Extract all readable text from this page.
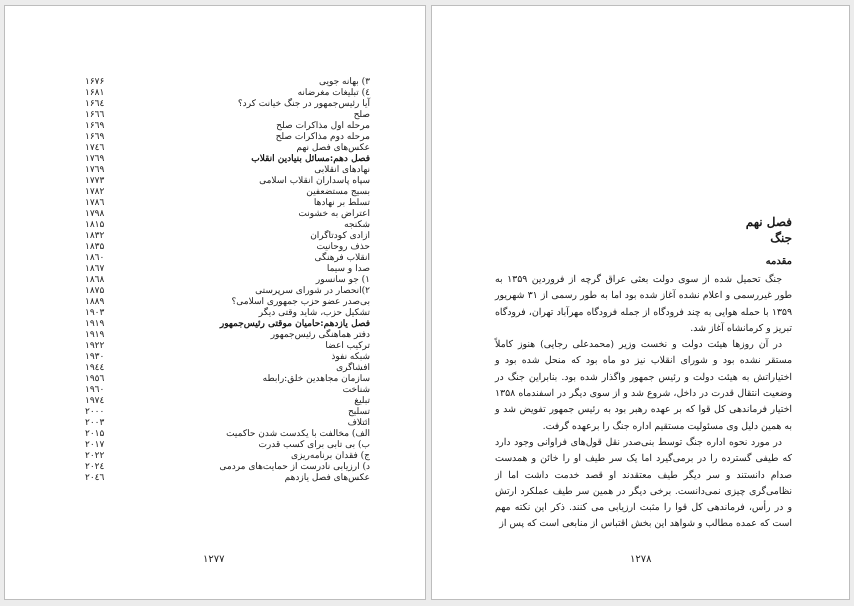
۳) بهانه جویی
۱۶۷۶
٤) تبلیغات مغرضانه
۱۶۸۱
آیا رئیس‌جمهور در جنگ خیانت کرد؟
۱۶٦٤
صلح
۱۶٦٦
مرحله اول مذاکرات صلح
۱۶٦٩
مرحله دوم مذاکرات صلح
۱۶٦٩
عکس‌های فصل نهم
۱۷٤٦
فصل دهم:مسائل بنیادین انقلاب
۱۷٦۹
نهادهای انقلابی
۱۷٦۹
سپاه پاسداران انقلاب اسلامی
۱۷۷۳
بسیج مستضعفین
۱۷۸۲
تسلط بر نهادها
۱۷۸٦
اعتراض به خشونت
۱۷۹۸
شکنجه
۱۸۱۵
ازادی کودتاگران
۱۸۳۲
حذف روحانیت
۱۸۳۵
انقلاب فرهنگی
۱۸٦۰
صدا و سیما
۱۸٦۷
۱) جو سانسور
۱۸٦۸
۲)انحصار در شورای سرپرستی
۱۸۷۵
بی‌صدر عضو حزب جمهوری اسلامی؟
۱۸۸۹
تشکیل حزب، شاید وقتی دیگر
۱۹۰۳
فصل یازدهم:حامیان موقتی رئیس‌جمهور
۱۹۱۹
دفتر هماهنگی رئیس‌جمهور
۱۹۱۹
ترکیب اعضا
۱۹۲۲
شبکه نفوذ
۱۹۳۰
افشاگری
۱۹٤٤
سازمان مجاهدین خلق:رابطه
۱۹٥٦
شناخت
۱۹٦۰
تبلیغ
۱۹۷٤
تسلیح
۲۰۰۰
ائتلاف
۲۰۰۳
الف) مخالفت با یکدست شدن حاکمیت
۲۰۱۵
ب) بی تابی برای کسب قدرت
۲۰۱۷
ج) فقدان برنامه‌ریزی
۲۰۲۲
د) ارزیابی نادرست از حمایت‌های مردمی
۲۰۲٤
عکس‌های فصل یازدهم
۲۰٤٦
۱۲۷۷
فصل نهم
جنگ
مقدمه

جنگ تحمیل شده از سوی دولت بعثی عراق گرچه از فروردین ۱۳۵۹ به طور غیررسمی و اعلام نشده آغاز شده بود اما به طور رسمی از ۳۱ شهریور ۱۳۵۹ با حمله هوایی به چند فرودگاه از جمله فرودگاه مهرآباد تهران، فرودگاه تبریز و کرمانشاه آغاز شد.

در آن روزها هیئت دولت و نخست وزیر (محمدعلی رجایی) هنوز کاملاً مستقر نشده بود و شورای انقلاب نیز دو ماه بود که منحل شده بود و اختیاراتش به هیئت دولت و رئیس جمهور واگذار شده بود. بنابراین جنگ در وضعیت انتقال قدرت در داخل، شروع شد و از سوی دیگر در اسفندماه ۱۳۵۸ اختیار فرماندهی کل قوا که بر عهده رهبر بود به رئیس جمهور تفویض شد و به همین دلیل وی مسئولیت مستقیم اداره جنگ را برعهده گرفت.

در مورد نحوه اداره جنگ توسط بنی‌صدر نقل قول‌های فراوانی وجود دارد که طیفی گسترده را در برمی‌گیرد اما یک سر طیف او را خائن و همدست صدام دانستند و سر دیگر طیف معتقدند او قصد خدمت داشت اما از نظامی‌گری چیزی نمی‌دانست. برخی دیگر در همین سر طیف عملکرد ارتش و در رأس، فرماندهی کل قوا را مثبت ارزیابی می کنند. ذکر این نکته مهم است که عمده مطالب و شواهد این بخش اقتباس از منابعی است که پس از

۱۲۷۸
